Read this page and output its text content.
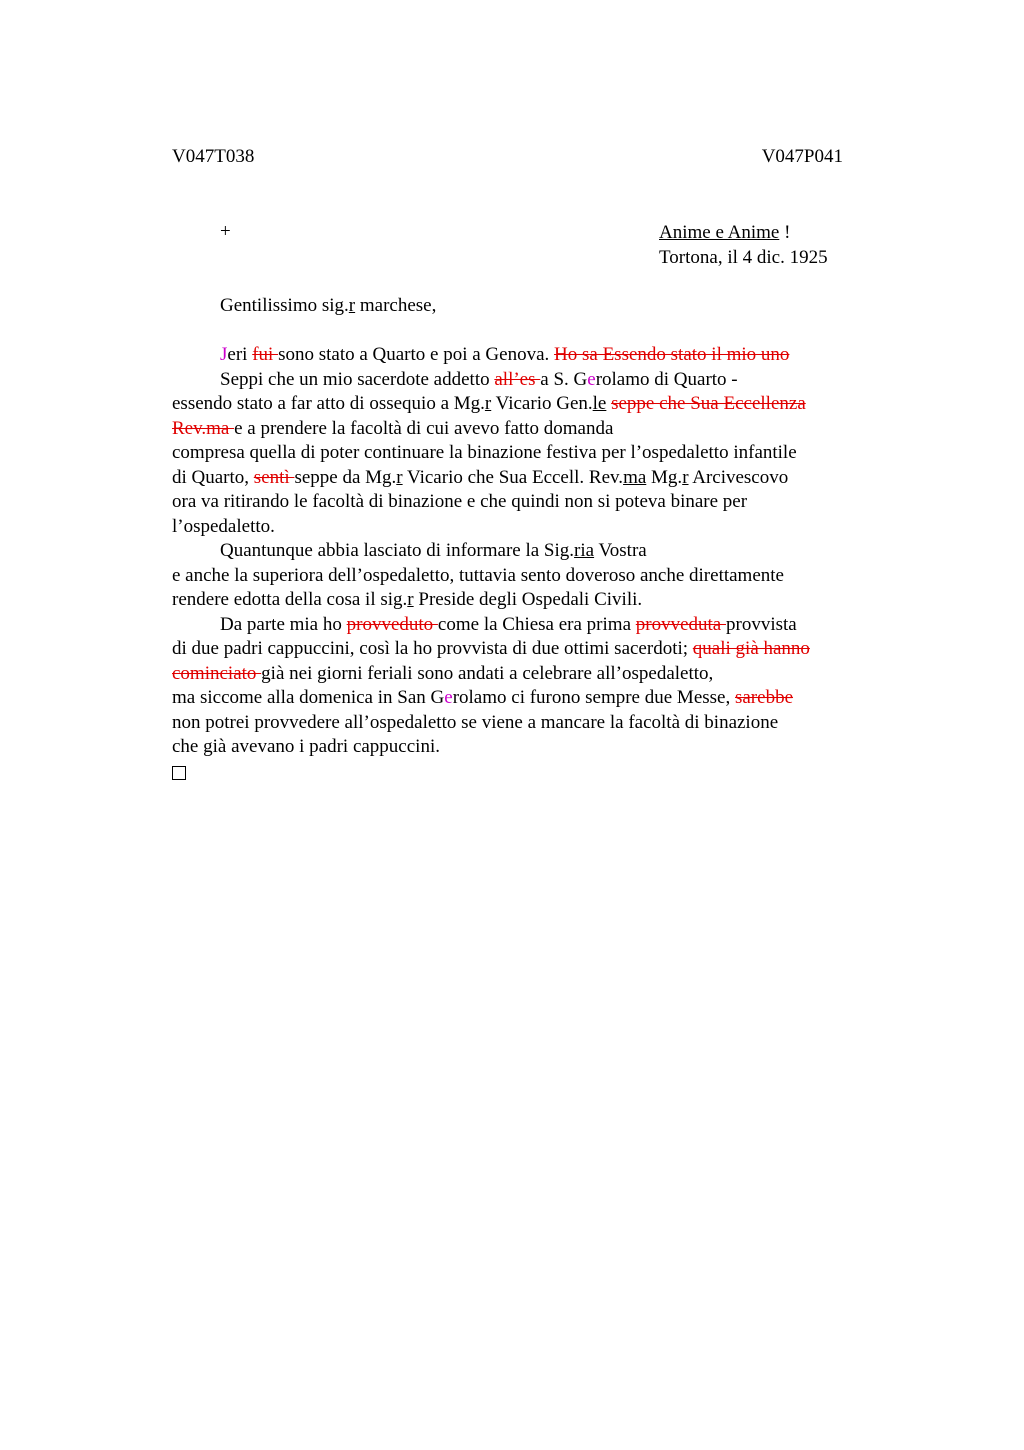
V047T038	V047P041
+	Anime e Anime !
Tortona, il 4 dic. 1925
Gentilissimo sig.r marchese,
Jeri fui sono stato a Quarto e poi a Genova. Ho sa Essendo stato il mio uno
Seppi che un mio sacerdote addetto all’es a S. Gerolamo di Quarto -
essendo stato a far atto di ossequio a Mg.r Vicario Gen.le seppe che Sua Eccellenza
Rev.ma e a prendere la facoltà di cui avevo fatto domanda
compresa quella di poter continuare la binazione festiva per l’ospedaletto infantile
di Quarto, sentì seppe da Mg.r Vicario che Sua Eccell. Rev.ma Mg.r Arcivescovo
ora va ritirando le facoltà di binazione e che quindi non si poteva binare per
l’ospedaletto.
Quantunque abbia lasciato di informare la Sig.ria Vostra
e anche la superiora dell’ospedaletto, tuttavia sento doveroso anche direttamente
rendere edotta della cosa il sig.r Preside degli Ospedali Civili.
Da parte mia ho provveduto come la Chiesa era prima provveduta provvista
di due padri cappuccini, così la ho provvista di due ottimi sacerdoti; quali già hanno
cominciato già nei giorni feriali sono andati a celebrare all’ospedaletto,
ma siccome alla domenica in San Gerolamo ci furono sempre due Messe, sarebbe
non potrei provvedere all’ospedaletto se viene a mancare la facoltà di binazione
che già avevano i padri cappuccini.
